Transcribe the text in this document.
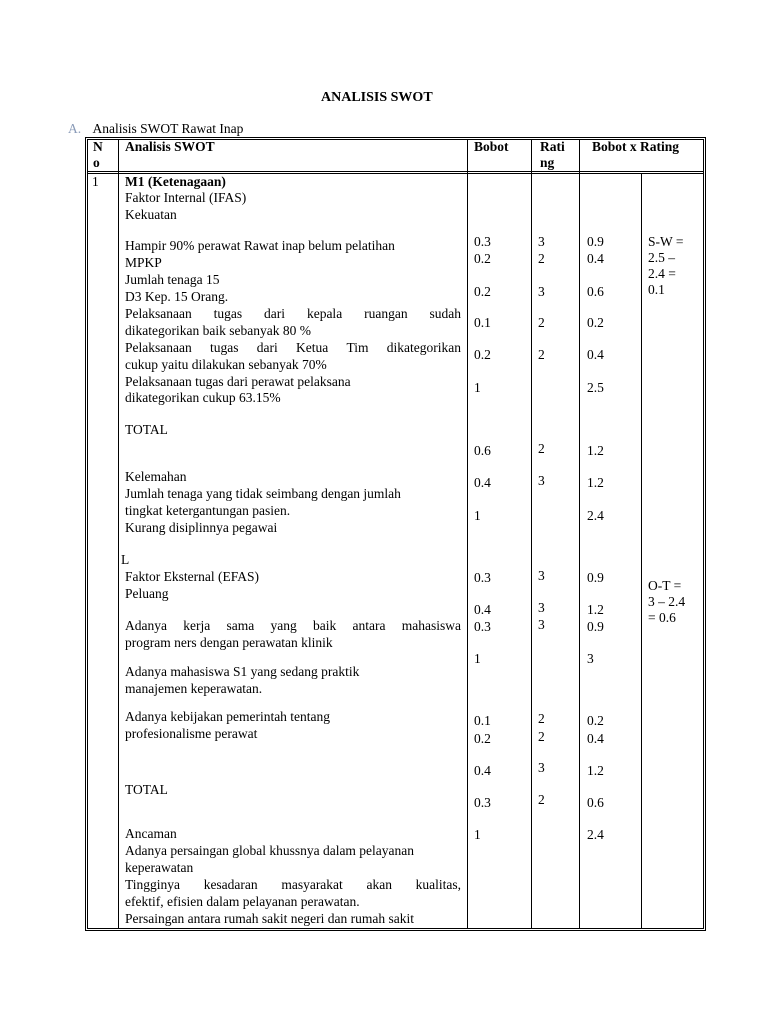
ANALISIS SWOT
A. Analisis SWOT Rawat Inap
N
o
Analisis SWOT	Bobot Rati
ng
Bobot x Rating
1 M1 (Ketenagaan)
Faktor Internal (IFAS)
Kekuatan
Hampir 90% perawat Rawat inap belum pelatihan
MPKP
Jumlah tenaga 15
D3 Kep. 15 Orang.
Pelaksanaan tugas dari kepala ruangan sudah
dikategorikan baik sebanyak 80 %
Pelaksanaan tugas dari Ketua Tim dikategorikan
cukup yaitu dilakukan sebanyak 70%
Pelaksanaan tugas dari perawat pelaksana
dikategorikan cukup 63.15%
TOTAL
Kelemahan
Jumlah tenaga yang tidak seimbang dengan jumlah
tingkat ketergantungan pasien.
Kurang disiplinnya pegawai
L
Faktor Eksternal (EFAS)
Peluang
Adanya kerja sama yang baik antara mahasiswa
program ners dengan perawatan klinik
Adanya mahasiswa S1 yang sedang praktik
manajemen keperawatan.
Adanya kebijakan pemerintah tentang
profesionalisme perawat
TOTAL
Ancaman
Adanya persaingan global khussnya dalam pelayanan
keperawatan
Tingginya kesadaran masyarakat akan kualitas,
efektif, efisien dalam pelayanan perawatan.
Persaingan antara rumah sakit negeri dan rumah sakit
0.3
0.2
0.2
0.1
0.2
1
0.6
0.4
1
0.3
0.4
0.3
1
0.1
0.2
0.4
0.3
1
3
2
3
2
2
2
3
3
3
3
2
2
3
2
0.9
0.4
0.6
0.2
0.4
2.5
1.2
1.2
2.4
0.9
1.2
0.9
3
0.2
0.4
1.2
0.6
2.4
S-W =
2.5 –
2.4 =
0.1
O-T =
3 – 2.4
= 0.6
